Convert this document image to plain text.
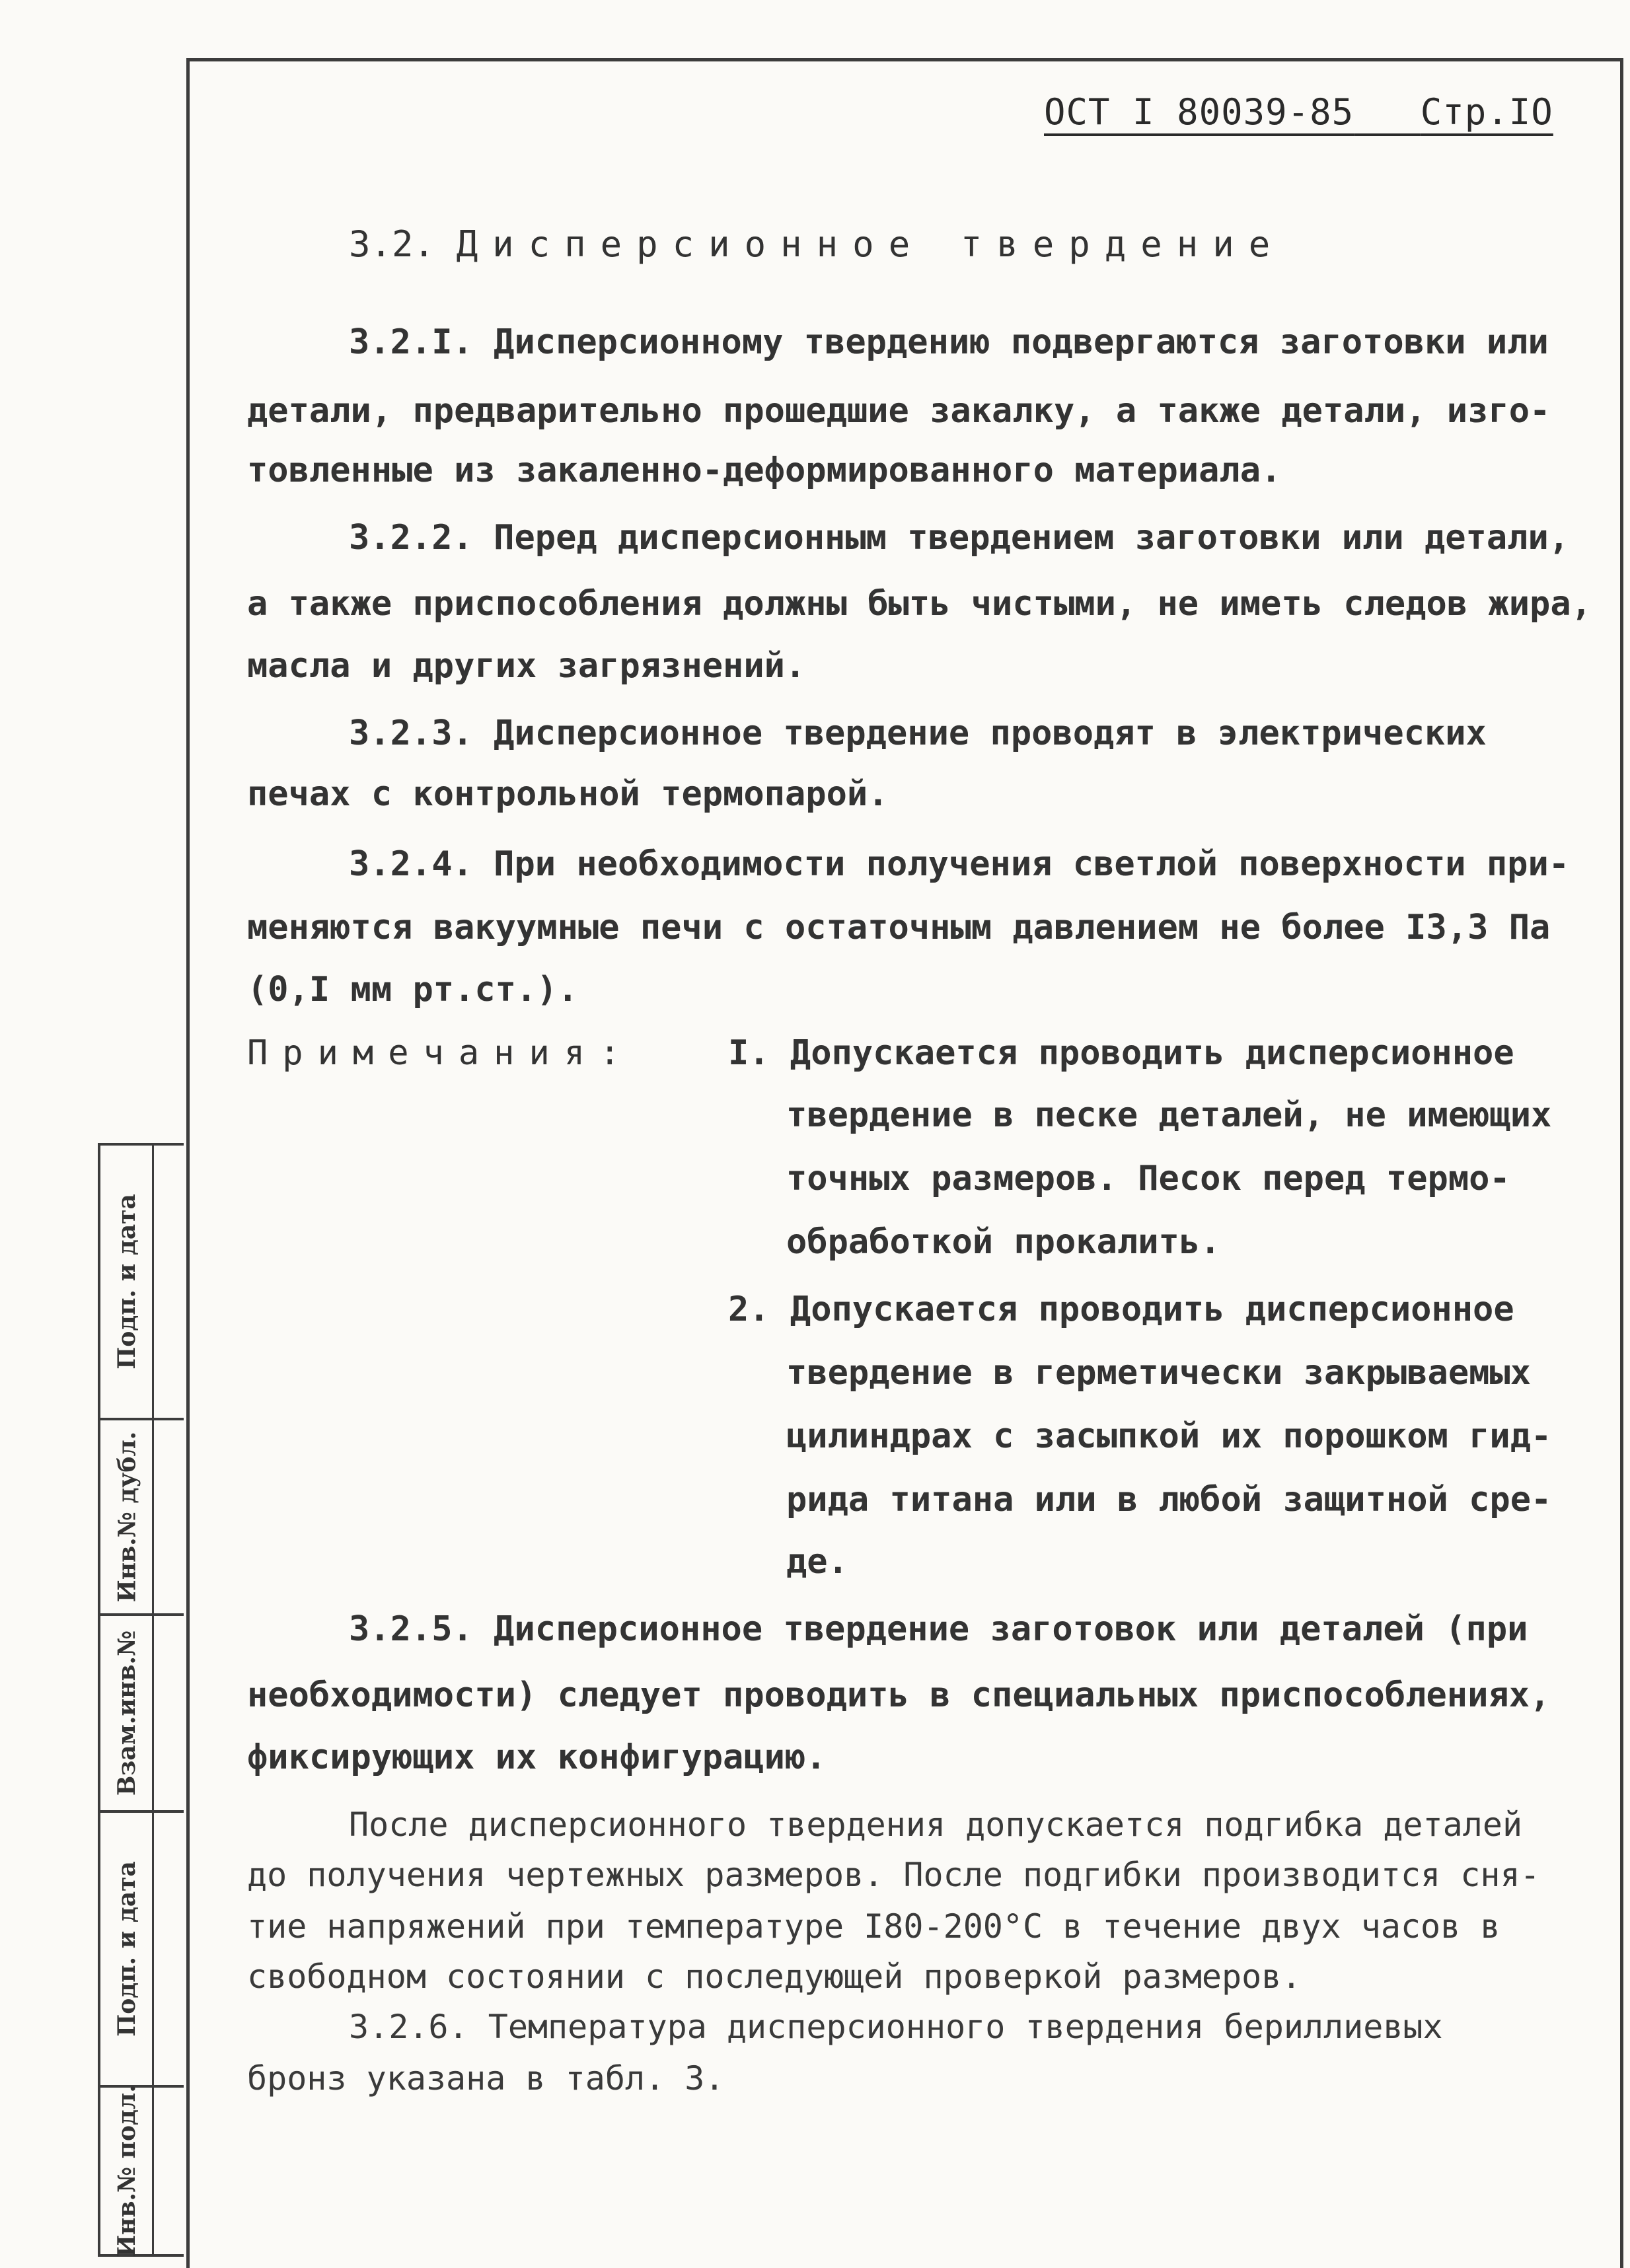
ОСТ I 80039-85 Стр.IO
3.2. Дисперсионное твердение
3.2.I. Дисперсионному твердению подвергаются заготовки или
детали, предварительно прошедшие закалку, а также детали, изго-
товленные из закаленно-деформированного материала.
3.2.2. Перед дисперсионным твердением заготовки или детали,
а также приспособления должны быть чистыми, не иметь следов жира,
масла и других загрязнений.
3.2.3. Дисперсионное твердение проводят в электрических
печах с контрольной термопарой.
3.2.4. При необходимости получения светлой поверхности при-
меняются вакуумные печи с остаточным давлением не более I3,3 Па
(0,I мм рт.ст.).
Примечания:	I. Допускается проводить дисперсионное
твердение в песке деталей, не имеющих
точных размеров. Песок перед термо-
обработкой прокалить.
2. Допускается проводить дисперсионное
твердение в герметически закрываемых
цилиндрах с засыпкой их порошком гид-
рида титана или в любой защитной сре-
де.
3.2.5. Дисперсионное твердение заготовок или деталей (при
необходимости) следует проводить в специальных приспособлениях,
фиксирующих их конфигурацию.
После дисперсионного твердения допускается подгибка деталей
до получения чертежных размеров. После подгибки производится сня-
тие напряжений при температуре I80-200°С в течение двух часов в
свободном состоянии с последующей проверкой размеров.
3.2.6. Температура дисперсионного твердения бериллиевых
бронз указана в табл. 3.
Подп. и дата
Инв.№ дубл.
Взам.инв.№
Подп. и дата
Инв.№ подл.
